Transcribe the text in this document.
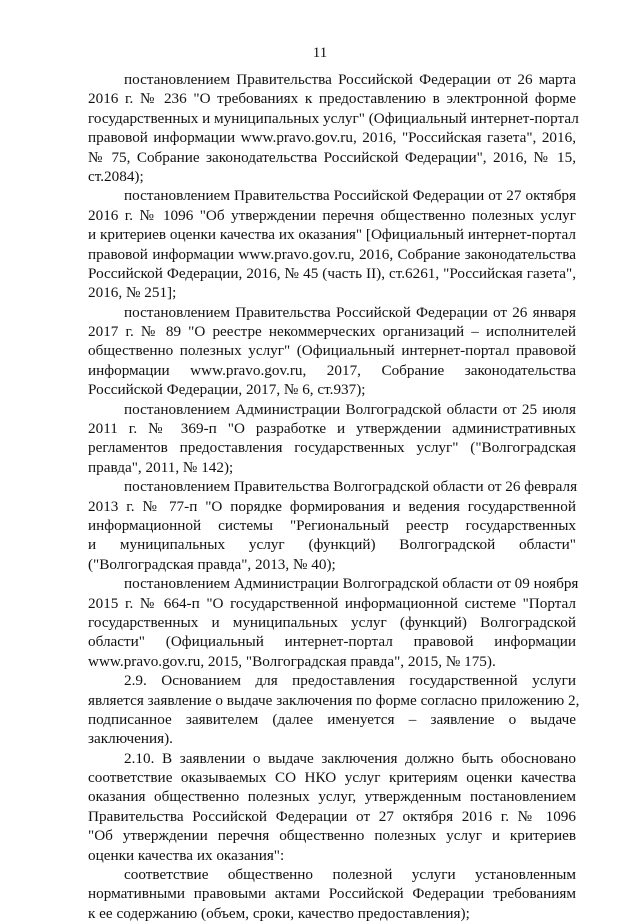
11
постановлением Правительства Российской Федерации от 26 марта
2016 г. № 236 "О требованиях к предоставлению в электронной форме
государственных и муниципальных услуг" (Официальный интернет-портал
правовой информации www.pravo.gov.ru, 2016, "Российская газета", 2016,
№ 75, Собрание законодательства Российской Федерации", 2016, № 15,
ст.2084);
постановлением Правительства Российской Федерации от 27 октября
2016 г. № 1096 "Об утверждении перечня общественно полезных услуг
и критериев оценки качества их оказания" [Официальный интернет-портал
правовой информации www.pravo.gov.ru, 2016, Собрание законодательства
Российской Федерации, 2016, № 45 (часть II), ст.6261, "Российская газета",
2016, № 251];
постановлением Правительства Российской Федерации от 26 января
2017 г. № 89 "О реестре некоммерческих организаций – исполнителей
общественно полезных услуг" (Официальный интернет-портал правовой
информации www.pravo.gov.ru, 2017, Собрание законодательства
Российской Федерации, 2017, № 6, ст.937);
постановлением Администрации Волгоградской области от 25 июля
2011 г. № 369-п "О разработке и утверждении административных
регламентов предоставления государственных услуг" ("Волгоградская
правда", 2011, № 142);
постановлением Правительства Волгоградской области от 26 февраля
2013 г. № 77-п "О порядке формирования и ведения государственной
информационной системы "Региональный реестр государственных
и муниципальных услуг (функций) Волгоградской области"
("Волгоградская правда", 2013, № 40);
постановлением Администрации Волгоградской области от 09 ноября
2015 г. № 664-п "О государственной информационной системе "Портал
государственных и муниципальных услуг (функций) Волгоградской
области" (Официальный интернет-портал правовой информации
www.pravo.gov.ru, 2015, "Волгоградская правда", 2015, № 175).
2.9. Основанием для предоставления государственной услуги
является заявление о выдаче заключения по форме согласно приложению 2,
подписанное заявителем (далее именуется – заявление о выдаче
заключения).
2.10. В заявлении о выдаче заключения должно быть обосновано
соответствие оказываемых СО НКО услуг критериям оценки качества
оказания общественно полезных услуг, утвержденным постановлением
Правительства Российской Федерации от 27 октября 2016 г. № 1096
"Об утверждении перечня общественно полезных услуг и критериев
оценки качества их оказания":
соответствие общественно полезной услуги установленным
нормативными правовыми актами Российской Федерации требованиям
к ее содержанию (объем, сроки, качество предоставления);
